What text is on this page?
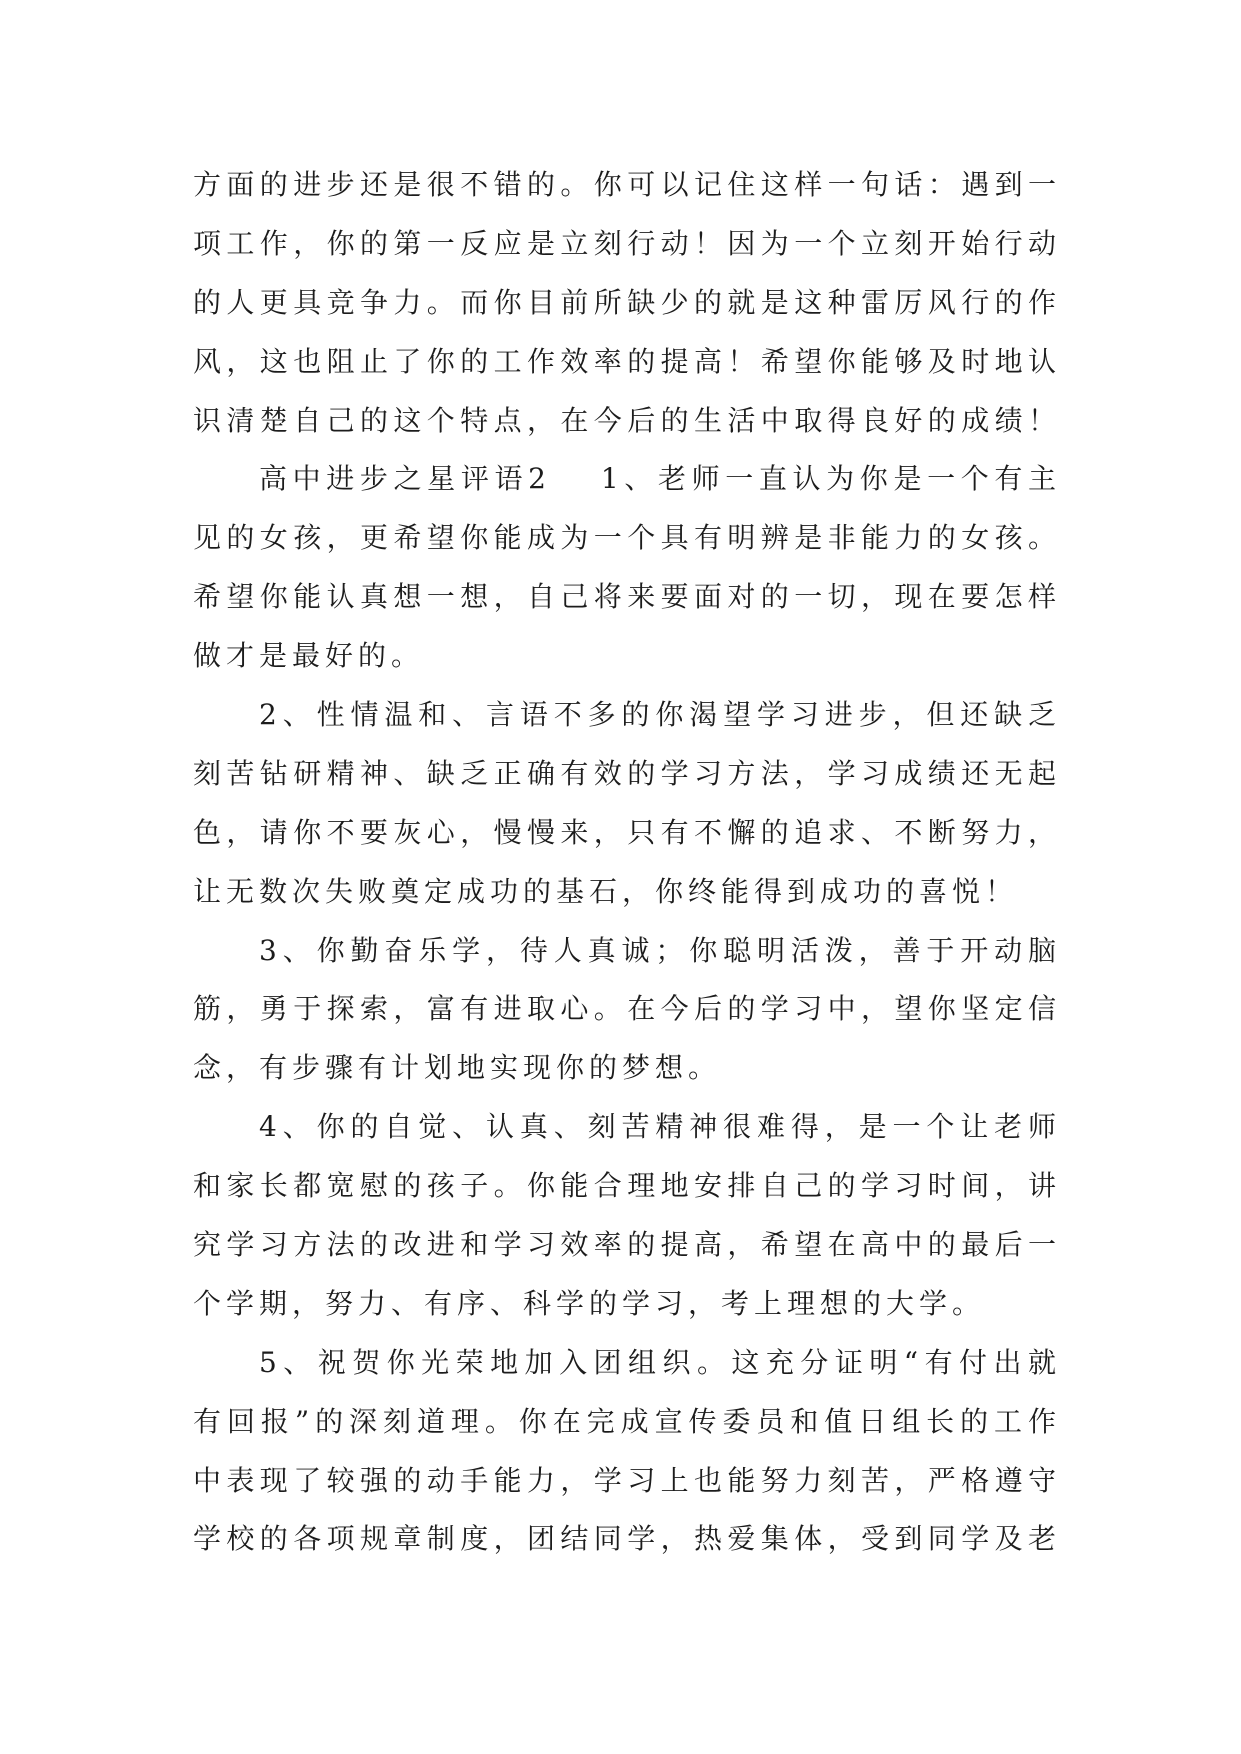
方面的进步还是很不错的。你可以记住这样一句话：遇到一
项工作，你的第一反应是立刻行动！因为一个立刻开始行动
的人更具竞争力。而你目前所缺少的就是这种雷厉风行的作
风，这也阻止了你的工作效率的提高！希望你能够及时地认
识清楚自己的这个特点，在今后的生活中取得良好的成绩！
高中进步之星评语2 1、老师一直认为你是一个有主
见的女孩，更希望你能成为一个具有明辨是非能力的女孩。
希望你能认真想一想，自己将来要面对的一切，现在要怎样
做才是最好的。
2、性情温和、言语不多的你渴望学习进步，但还缺乏
刻苦钻研精神、缺乏正确有效的学习方法，学习成绩还无起
色，请你不要灰心，慢慢来，只有不懈的追求、不断努力，
让无数次失败奠定成功的基石，你终能得到成功的喜悦！
3、你勤奋乐学，待人真诚；你聪明活泼，善于开动脑
筋，勇于探索，富有进取心。在今后的学习中，望你坚定信
念，有步骤有计划地实现你的梦想。
4、你的自觉、认真、刻苦精神很难得，是一个让老师
和家长都宽慰的孩子。你能合理地安排自己的学习时间，讲
究学习方法的改进和学习效率的提高，希望在高中的最后一
个学期，努力、有序、科学的学习，考上理想的大学。
5、祝贺你光荣地加入团组织。这充分证明“有付出就
有回报”的深刻道理。你在完成宣传委员和值日组长的工作
中表现了较强的动手能力，学习上也能努力刻苦，严格遵守
学校的各项规章制度，团结同学，热爱集体，受到同学及老
